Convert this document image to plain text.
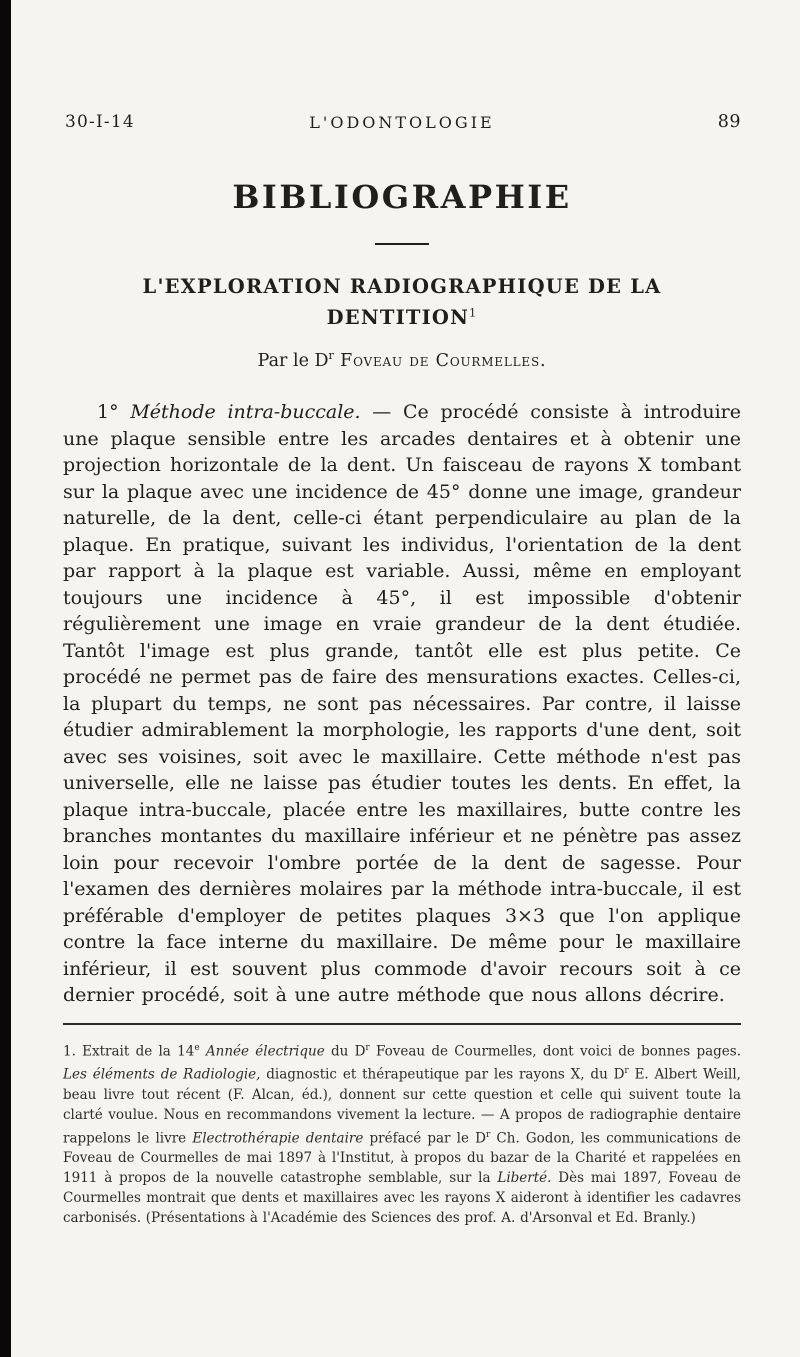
30-I-14	L'ODONTOLOGIE	89
BIBLIOGRAPHIE
L'EXPLORATION RADIOGRAPHIQUE DE LA
DENTITION$^1$

Par le $D^r$ Foveau de Courmelles.

1° Méthode intra-buccale. — Ce procédé consiste à introduire une plaque sensible entre les arcades dentaires et à obtenir une projection horizontale de la dent. Un faisceau de rayons X tombant sur la plaque avec une incidence de 45° donne une image, grandeur naturelle, de la dent, celle-ci étant perpendiculaire au plan de la plaque. En pratique, suivant les individus, l'orientation de la dent par rapport à la plaque est variable. Aussi, même en employant toujours une incidence à 45°, il est impossible d'obtenir régulièrement une image en vraie grandeur de la dent étudiée. Tantôt l'image est plus grande, tantôt elle est plus petite. Ce procédé ne permet pas de faire des mensurations exactes. Celles-ci, la plupart du temps, ne sont pas nécessaires. Par contre, il laisse étudier admirablement la morphologie, les rapports d'une dent, soit avec ses voisines, soit avec le maxillaire. Cette méthode n'est pas universelle, elle ne laisse pas étudier toutes les dents. En effet, la plaque intra-buccale, placée entre les maxillaires, butte contre les branches montantes du maxillaire inférieur et ne pénètre pas assez loin pour recevoir l'ombre portée de la dent de sagesse. Pour l'examen des dernières molaires par la méthode intra-buccale, il est préférable d'employer de petites plaques 3×3 que l'on applique contre la face interne du maxillaire. De même pour le maxillaire inférieur, il est souvent plus commode d'avoir recours soit à ce dernier procédé, soit à une autre méthode que nous allons décrire.

1. Extrait de la 14e Année électrique du $D^r$ Foveau de Courmelles, dont voici de bonnes pages. Les éléments de Radiologie, diagnostic et thérapeutique par les rayons X, du $D^r$ E. Albert Weill, beau livre tout récent (F. Alcan, éd.), donnent sur cette question et celle qui suivent toute la clarté voulue. Nous en recommandons vivement la lecture. — A propos de radiographie dentaire rappelons le livre Electrothérapie dentaire préfacé par le $D^r$ Ch. Godon, les communications de Foveau de Courmelles de mai 1897 à l'Institut, à propos du bazar de la Charité et rappelées en 1911 à propos de la nouvelle catastrophe semblable, sur la Liberté. Dès mai 1897, Foveau de Courmelles montrait que dents et maxillaires avec les rayons X aideront à identifier les cadavres carbonisés. (Présentations à l'Académie des Sciences des prof. A. d'Arsonval et Ed. Branly.)
